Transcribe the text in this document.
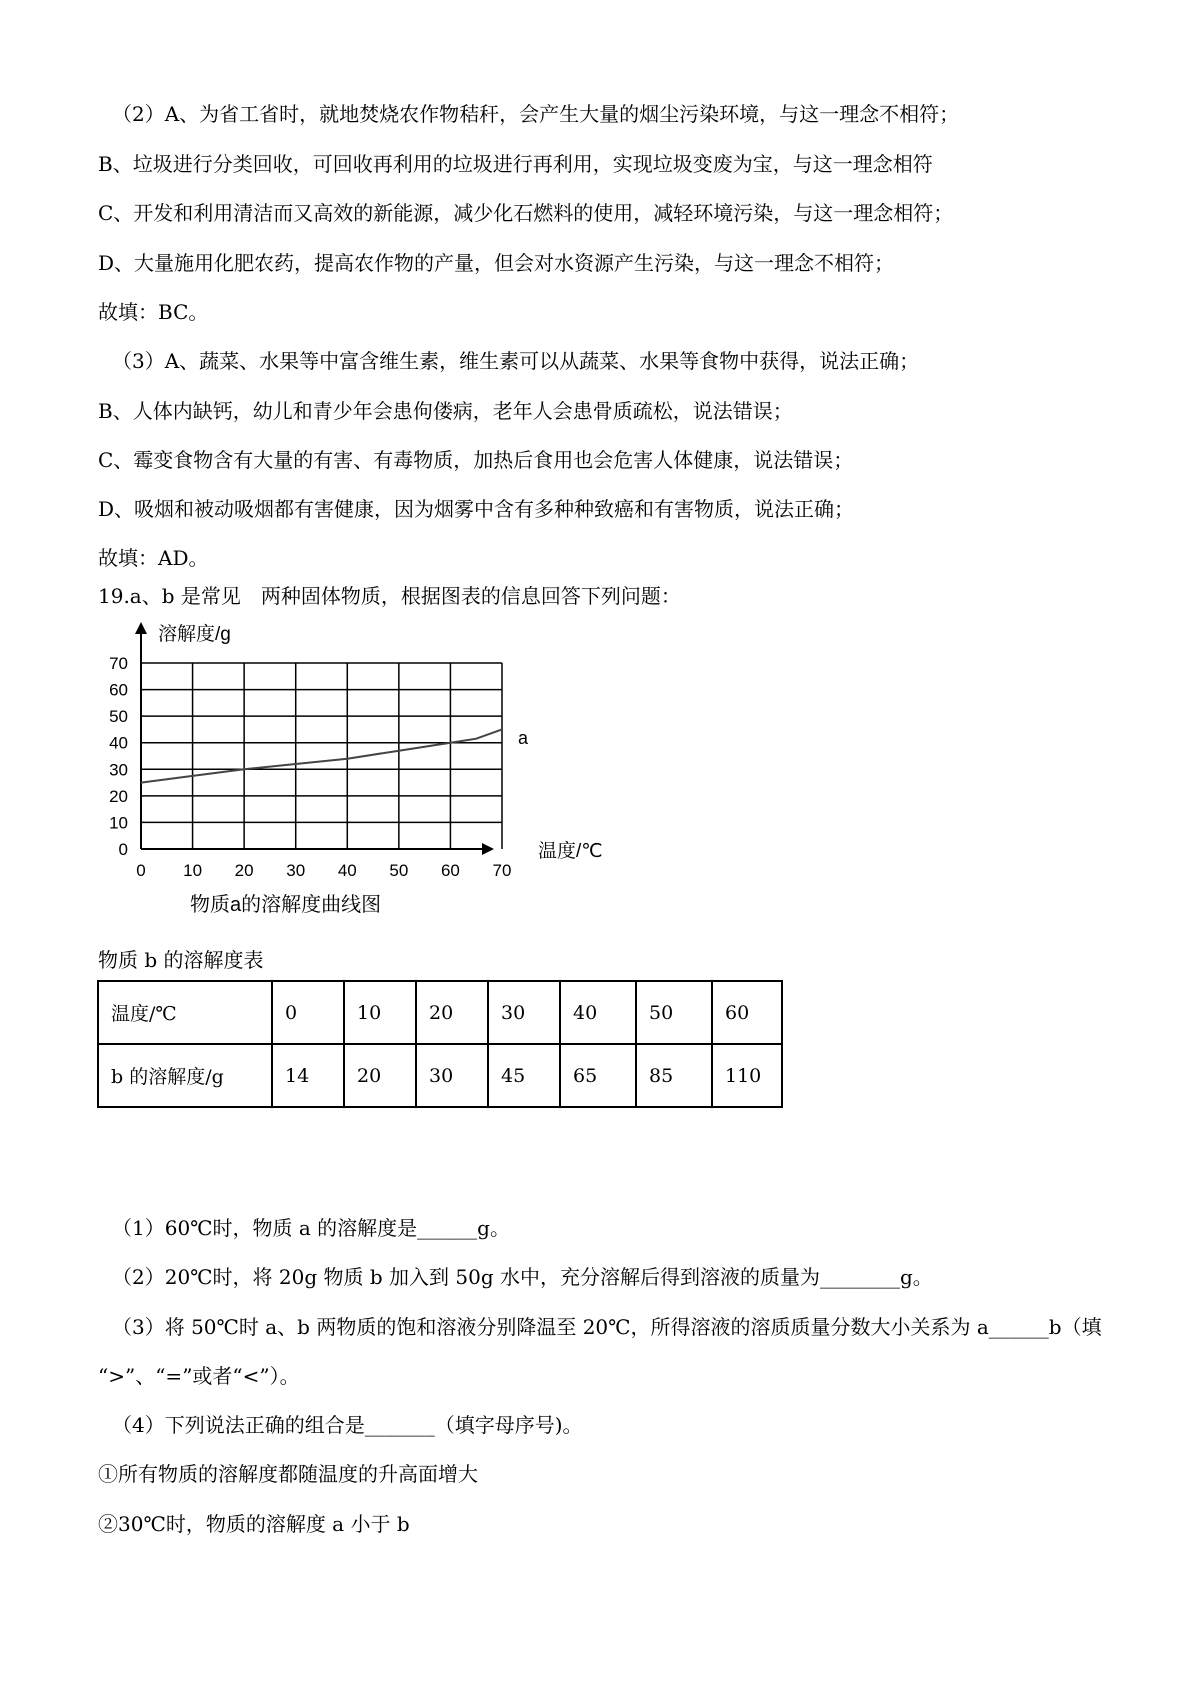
（2）A、为省工省时，就地焚烧农作物秸秆，会产生大量的烟尘污染环境，与这一理念不相符；
B、垃圾进行分类回收，可回收再利用的垃圾进行再利用，实现垃圾变废为宝，与这一理念相符
C、开发和利用清洁而又高效的新能源，减少化石燃料的使用，减轻环境污染，与这一理念相符；
D、大量施用化肥农药，提高农作物的产量，但会对水资源产生污染，与这一理念不相符；
故填：BC。
（3）A、蔬菜、水果等中富含维生素，维生素可以从蔬菜、水果等食物中获得，说法正确；
B、人体内缺钙，幼儿和青少年会患佝偻病，老年人会患骨质疏松，说法错误；
C、霉变食物含有大量的有害、有毒物质，加热后食用也会危害人体健康，说法错误；
D、吸烟和被动吸烟都有害健康，因为烟雾中含有多种种致癌和有害物质，说法正确；
故填：AD。
19.a、b 是常见　两种固体物质，根据图表的信息回答下列问题：
0 10 20 30 40 50 60 70
0
10
20
30
40
50
60
70
a
溶解度/g
温度/℃
物质a的溶解度曲线图
物质 b 的溶解度表
温度/℃	0	10	20	30	40	50	60
b 的溶解度/g	14	20	30	45	65	85	110
（1）60℃时，物质 a 的溶解度是______g。
（2）20℃时，将 20g 物质 b 加入到 50g 水中，充分溶解后得到溶液的质量为________g。
（3）将 50℃时 a、b 两物质的饱和溶液分别降温至 20℃，所得溶液的溶质质量分数大小关系为 a______b（填
“>”、“=”或者“<”）。
（4）下列说法正确的组合是_______（填字母序号)。
①所有物质的溶解度都随温度的升高面增大
②30℃时，物质的溶解度 a 小于 b
